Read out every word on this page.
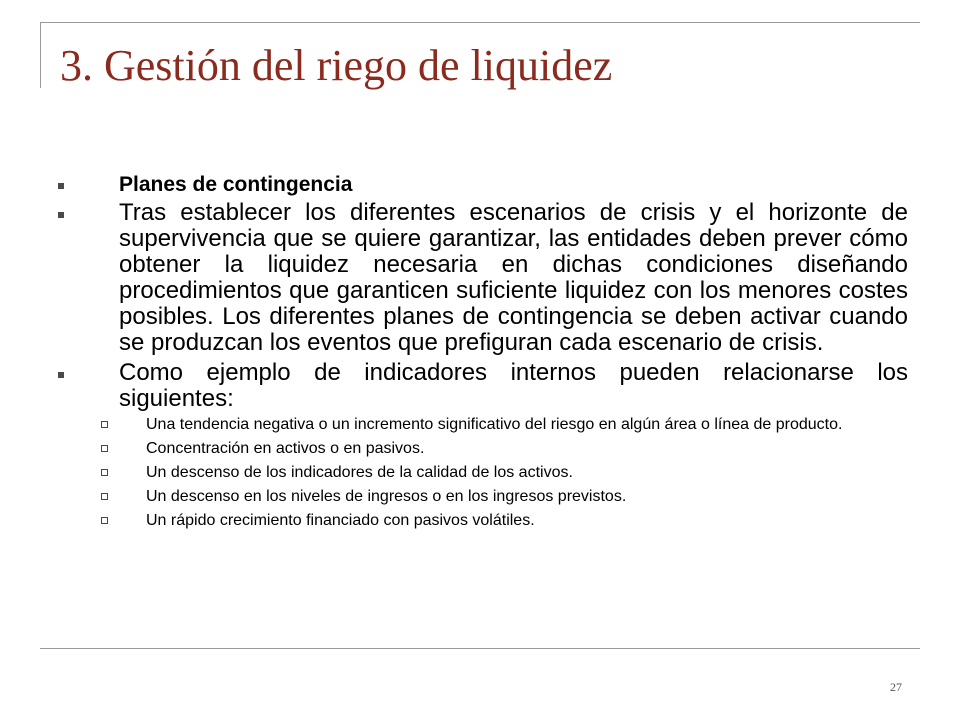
3. Gestión del riego de liquidez
Planes de contingencia
Tras establecer los diferentes escenarios de crisis y el horizonte de supervivencia que se quiere garantizar, las entidades deben prever cómo obtener la liquidez necesaria en dichas condiciones diseñando procedimientos que garanticen suficiente liquidez con los menores costes posibles. Los diferentes planes de contingencia se deben activar cuando se produzcan los eventos que prefiguran cada escenario de crisis.
Como ejemplo de indicadores internos pueden relacionarse los siguientes:
Una tendencia negativa o un incremento significativo del riesgo en algún área o línea de producto.
Concentración en activos o en pasivos.
Un descenso de los indicadores de la calidad de los activos.
Un descenso en los niveles de ingresos o en los ingresos previstos.
Un rápido crecimiento financiado con pasivos volátiles.
27
